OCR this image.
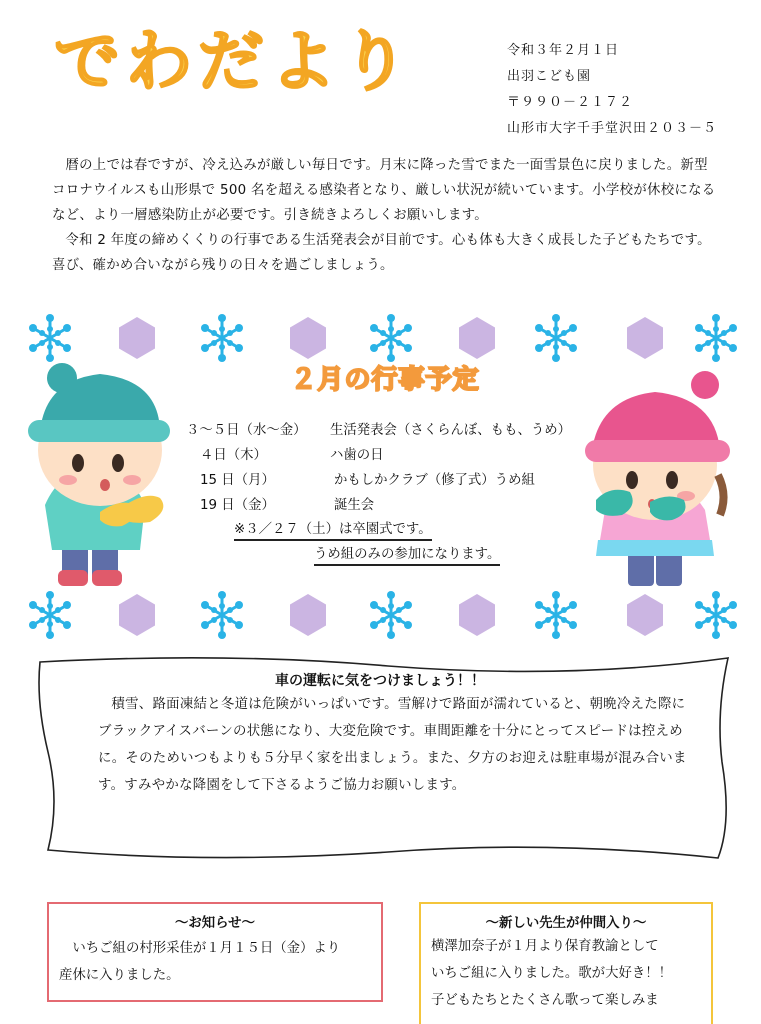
でわだより	令和３年２月１日
出羽こども園
〒９９０－２１７２
山形市大字千手堂沢田２０３－５

暦の上では春ですが、冷え込みが厳しい毎日です。月末に降った雪でまた一面雪景色に戻りました。新型コロナウイルスも山形県で 500 名を超える感染者となり、厳しい状況が続いています。小学校が休校になるなど、より一層感染防止が必要です。引き続きよろしくお願いします。

令和 2 年度の締めくくりの行事である生活発表会が目前です。心も体も大きく成長した子どもたちです。喜び、確かめ合いながら残りの日々を過ごしましょう。

２月の行事予定
３～５日（水～金） 生活発表会（さくらんぼ、もも、うめ）
４日（木）	ハ歯の日
15 日（月）	かもしかクラブ（修了式）うめ組
19 日（金）	誕生会
※３／２７（土）は卒園式です。
うめ組のみの参加になります。
車の運転に気をつけましょう！！
積雪、路面凍結と冬道は危険がいっぱいです。雪解けで路面が濡れていると、朝晩冷えた際にブラックアイスバーンの状態になり、大変危険です。車間距離を十分にとってスピードは控えめに。そのためいつもよりも５分早く家を出ましょう。また、夕方のお迎えは駐車場が混み合います。すみやかな降園をして下さるようご協力お願いします。
～お知らせ～
いちご組の村形采佳が１月１５日（金）より
産休に入りました。
～新しい先生が仲間入り～
横澤加奈子が１月より保育教諭として
いちご組に入りました。歌が大好き！！
子どもたちとたくさん歌って楽しみま
